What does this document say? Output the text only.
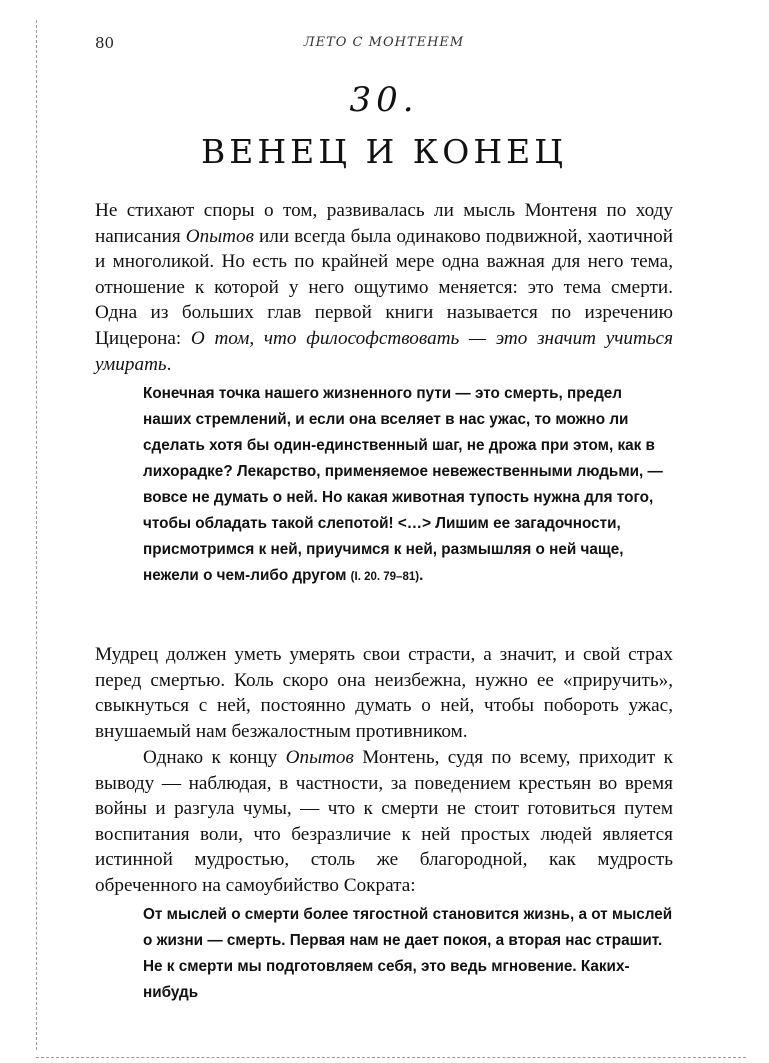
80	ЛЕТО С МОНТЕНЕМ
30.
ВЕНЕЦ И КОНЕЦ

Не стихают споры о том, развивалась ли мысль Монтеня по ходу написания Опытов или всегда была одинаково подвижной, хаотичной и многоликой. Но есть по крайней мере одна важная для него тема, отношение к которой у него ощутимо меняется: это тема смерти. Одна из больших глав первой книги называется по изречению Цицерона: О том, что философствовать — это значит учиться умирать.

Конечная точка нашего жизненного пути — это смерть, предел наших стремлений, и если она вселяет в нас ужас, то можно ли сделать хотя бы один-единственный шаг, не дрожа при этом, как в лихорадке? Лекарство, применяемое невежественными людьми, — вовсе не думать о ней. Но какая животная тупость нужна для того, чтобы обладать такой слепотой! <…> Лишим ее загадочности, присмотримся к ней, приучимся к ней, размышляя о ней чаще, нежели о чем-либо другом (I. 20. 79–81).

Мудрец должен уметь умерять свои страсти, а значит, и свой страх перед смертью. Коль скоро она неизбежна, нужно ее «приручить», свыкнуться с ней, постоянно думать о ней, чтобы побороть ужас, внушаемый нам безжалостным противником.

Однако к концу Опытов Монтень, судя по всему, приходит к выводу — наблюдая, в частности, за поведением крестьян во время войны и разгула чумы, — что к смерти не стоит готовиться путем воспитания воли, что безразличие к ней простых людей является истинной мудростью, столь же благородной, как мудрость обреченного на самоубийство Сократа:

От мыслей о смерти более тягостной становится жизнь, а от мыслей о жизни — смерть. Первая нам не дает покоя, а вторая нас страшит. Не к смерти мы подготовляем себя, это ведь мгновение. Каких-нибудь
